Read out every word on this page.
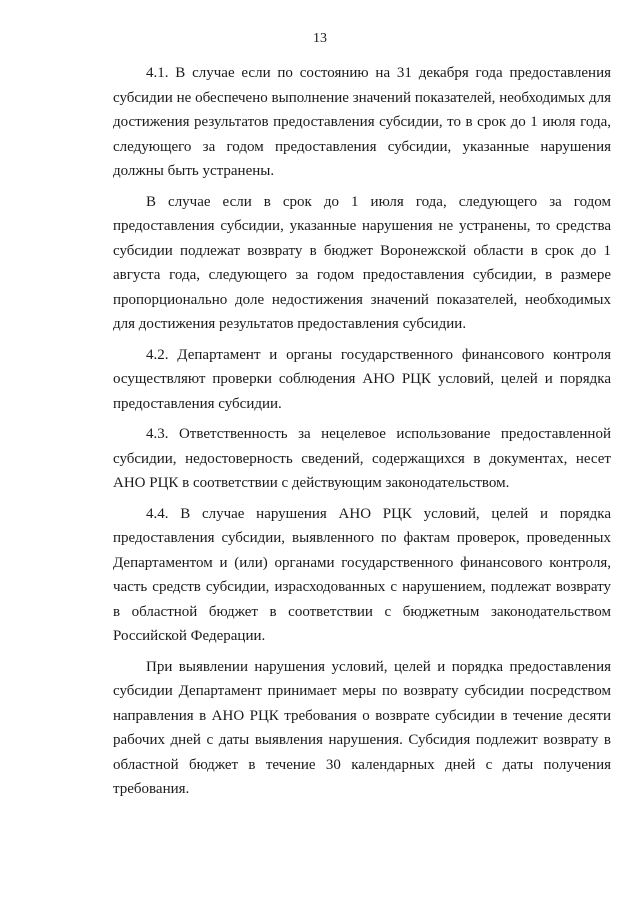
13

4.1. В случае если по состоянию на 31 декабря года предоставления субсидии не обеспечено выполнение значений показателей, необходимых для достижения результатов предоставления субсидии, то в срок до 1 июля года, следующего за годом предоставления субсидии, указанные нарушения должны быть устранены.

В случае если в срок до 1 июля года, следующего за годом предоставления субсидии, указанные нарушения не устранены, то средства субсидии подлежат возврату в бюджет Воронежской области в срок до 1 августа года, следующего за годом предоставления субсидии, в размере пропорционально доле недостижения значений показателей, необходимых для достижения результатов предоставления субсидии.

4.2. Департамент и органы государственного финансового контроля осуществляют проверки соблюдения АНО РЦК условий, целей и порядка предоставления субсидии.

4.3. Ответственность за нецелевое использование предоставленной субсидии, недостоверность сведений, содержащихся в документах, несет АНО РЦК в соответствии с действующим законодательством.

4.4. В случае нарушения АНО РЦК условий, целей и порядка предоставления субсидии, выявленного по фактам проверок, проведенных Департаментом и (или) органами государственного финансового контроля, часть средств субсидии, израсходованных с нарушением, подлежат возврату в областной бюджет в соответствии с бюджетным законодательством Российской Федерации.

При выявлении нарушения условий, целей и порядка предоставления субсидии Департамент принимает меры по возврату субсидии посредством направления в АНО РЦК требования о возврате субсидии в течение десяти рабочих дней с даты выявления нарушения. Субсидия подлежит возврату в областной бюджет в течение 30 календарных дней с даты получения требования.
